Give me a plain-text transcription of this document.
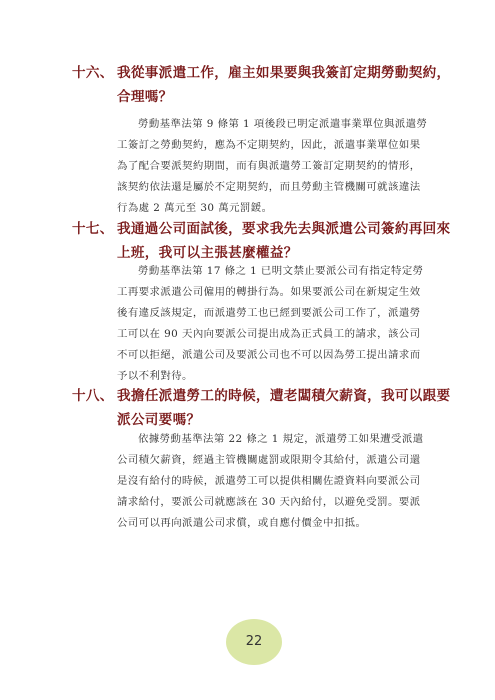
十六、 我從事派遣工作，雇主如果要與我簽訂定期勞動契約，
合理嗎？
勞動基準法第 9 條第 1 項後段已明定派遣事業單位與派遣勞
工簽訂之勞動契約，應為不定期契約，因此，派遣事業單位如果
為了配合要派契約期間，而有與派遣勞工簽訂定期契約的情形，
該契約依法還是屬於不定期契約，而且勞動主管機關可就該違法
行為處 2 萬元至 30 萬元罰鍰。
十七、 我通過公司面試後，要求我先去與派遣公司簽約再回來
上班，我可以主張甚麼權益？
勞動基準法第 17 條之 1 已明文禁止要派公司有指定特定勞
工再要求派遣公司僱用的轉掛行為。如果要派公司在新規定生效
後有違反該規定，而派遣勞工也已經到要派公司工作了，派遣勞
工可以在 90 天內向要派公司提出成為正式員工的請求，該公司
不可以拒絕，派遣公司及要派公司也不可以因為勞工提出請求而
予以不利對待。
十八、 我擔任派遣勞工的時候，遭老闆積欠薪資，我可以跟要
派公司要嗎？
依據勞動基準法第 22 條之 1 規定，派遣勞工如果遭受派遣
公司積欠薪資，經過主管機關處罰或限期令其給付，派遣公司還
是沒有給付的時候，派遣勞工可以提供相關佐證資料向要派公司
請求給付，要派公司就應該在 30 天內給付，以避免受罰。要派
公司可以再向派遣公司求償，或自應付價金中扣抵。
22
